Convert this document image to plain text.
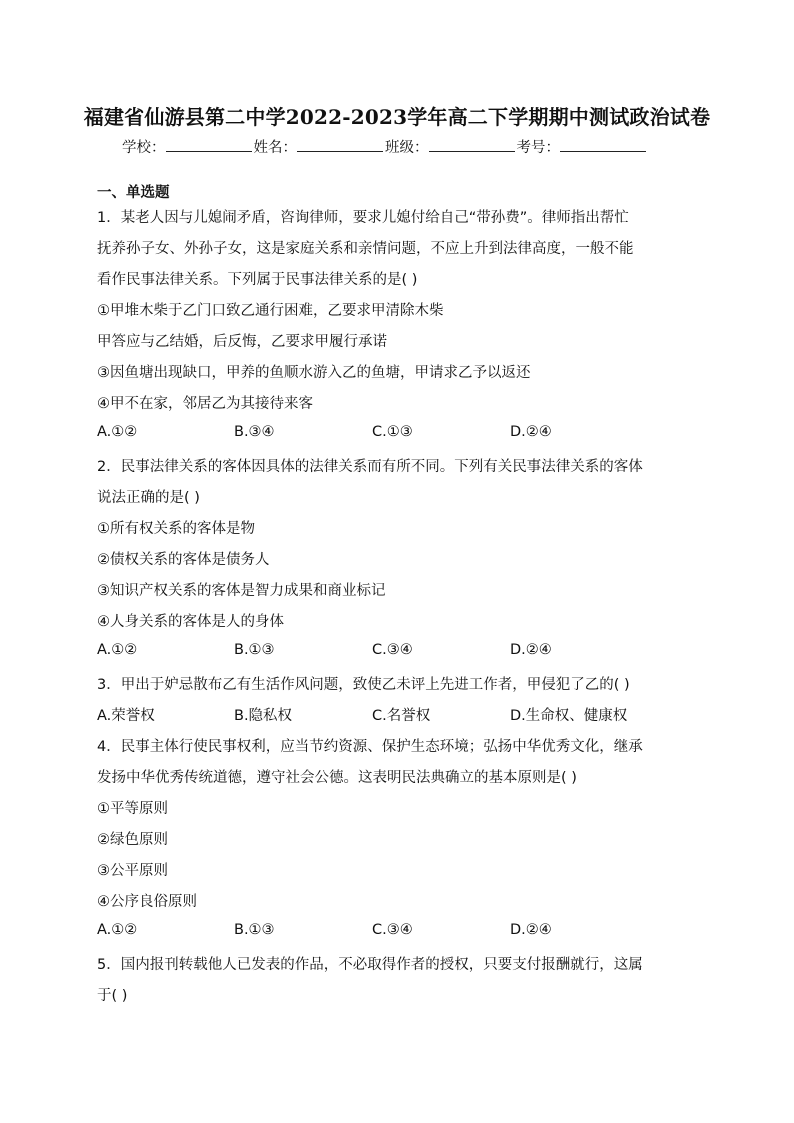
福建省仙游县第二中学2022-2023学年高二下学期期中测试政治试卷
学校：	姓名：	班级：	考号：
一、单选题
1．某老人因与儿媳闹矛盾，咨询律师，要求儿媳付给自己“带孙费”。律师指出帮忙
抚养孙子女、外孙子女，这是家庭关系和亲情问题，不应上升到法律高度，一般不能
看作民事法律关系。下列属于民事法律关系的是( )
①甲堆木柴于乙门口致乙通行困难，乙要求甲清除木柴
甲答应与乙结婚，后反悔，乙要求甲履行承诺
③因鱼塘出现缺口，甲养的鱼顺水游入乙的鱼塘，甲请求乙予以返还
④甲不在家，邻居乙为其接待来客
A.①②	B.③④	C.①③	D.②④
2．民事法律关系的客体因具体的法律关系而有所不同。下列有关民事法律关系的客体
说法正确的是( )
①所有权关系的客体是物
②债权关系的客体是债务人
③知识产权关系的客体是智力成果和商业标记
④人身关系的客体是人的身体
A.①②	B.①③	C.③④	D.②④
3．甲出于妒忌散布乙有生活作风问题，致使乙未评上先进工作者，甲侵犯了乙的( )
A.荣誉权	B.隐私权	C.名誉权	D.生命权、健康权
4．民事主体行使民事权利，应当节约资源、保护生态环境；弘扬中华优秀文化，继承
发扬中华优秀传统道德，遵守社会公德。这表明民法典确立的基本原则是( )
①平等原则
②绿色原则
③公平原则
④公序良俗原则
A.①②	B.①③	C.③④	D.②④
5．国内报刊转载他人已发表的作品，不必取得作者的授权，只要支付报酬就行，这属
于( )
